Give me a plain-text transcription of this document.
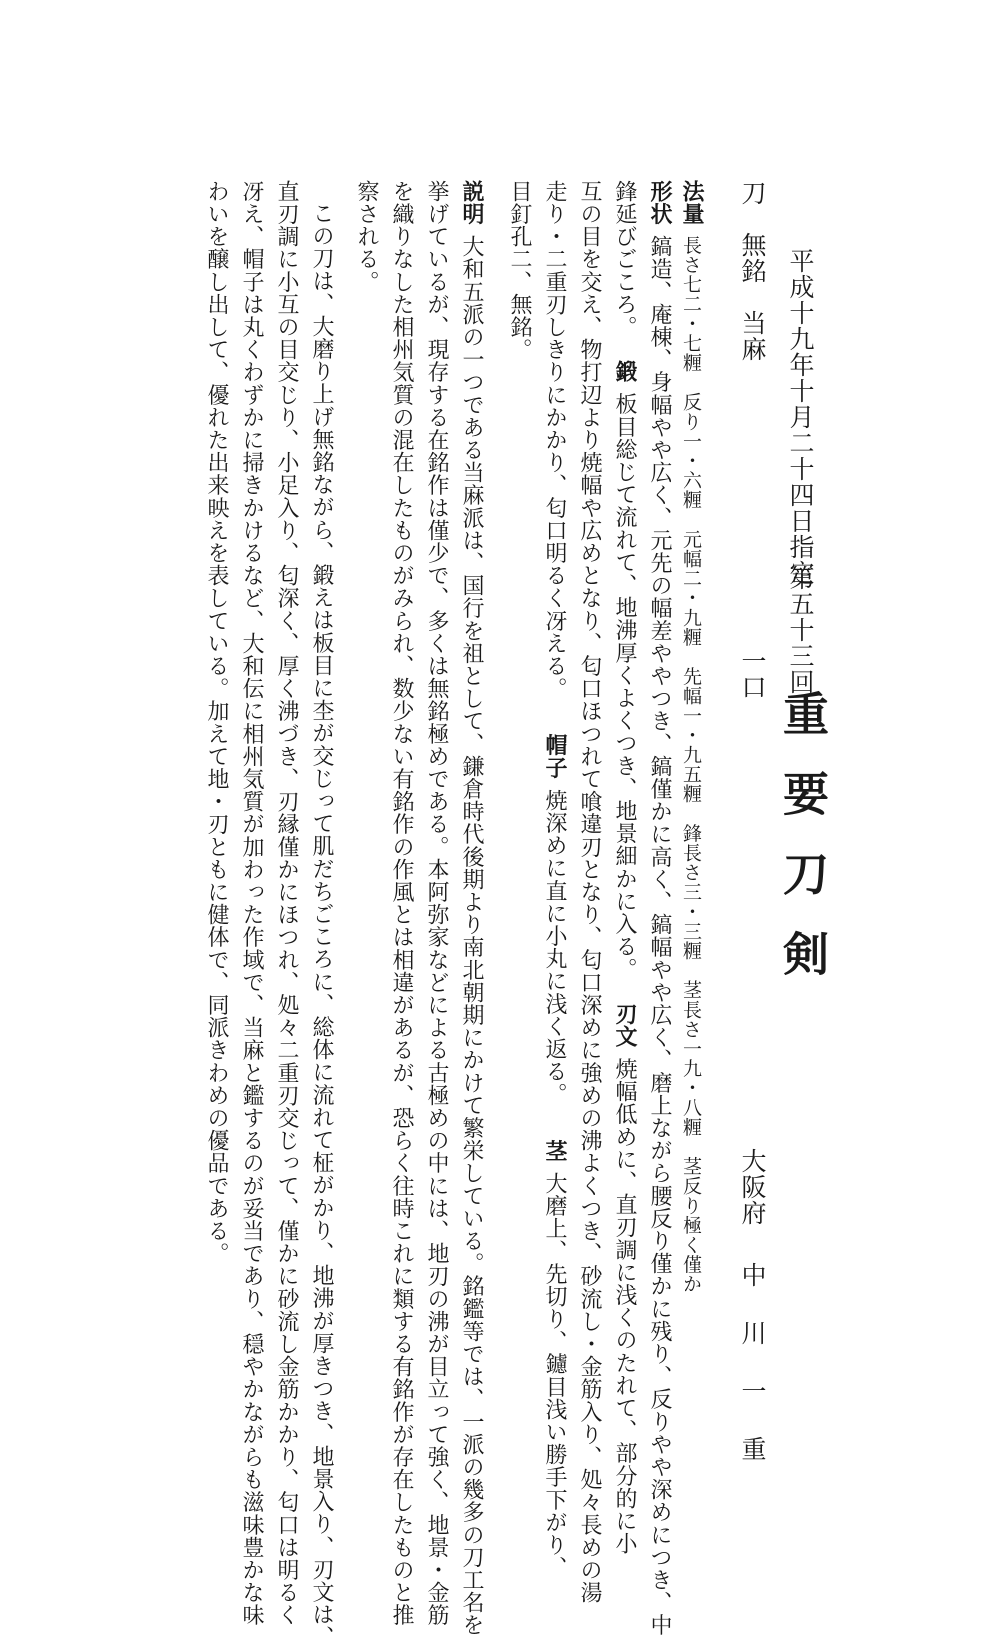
平成十九年十月二十四日指定
第五十三回
重要刀剣
刀　無銘　当麻
一口
大阪府
中　川　一　重
法量長さ七二・七糎　反り一・六糎　元幅二・九糎　先幅一・九五糎　鋒長さ三・三糎　茎長さ一九・八糎　茎反り極く僅か
形状鎬造、庵棟、身幅やや広く、元先の幅差ややつき、鎬僅かに高く、鎬幅やや広く、磨上ながら腰反り僅かに残り、反りやや深めにつき、中
鋒延びごころ。鍛板目総じて流れて、地沸厚くよくつき、地景細かに入る。刃文焼幅低めに、直刃調に浅くのたれて、部分的に小
互の目を交え、物打辺より焼幅や広めとなり、匂口ほつれて喰違刃となり、匂口深めに強めの沸よくつき、砂流し・金筋入り、処々長めの湯
走り・二重刃しきりにかかり、匂口明るく冴える。帽子焼深めに直に小丸に浅く返る。茎大磨上、先切り、鑢目浅い勝手下がり、
目釘孔二、無銘。
説明大和五派の一つである当麻派は、国行を祖として、鎌倉時代後期より南北朝期にかけて繁栄している。銘鑑等では、一派の幾多の刀工名を
挙げているが、現存する在銘作は僅少で、多くは無銘極めである。本阿弥家などによる古極めの中には、地刃の沸が目立って強く、地景・金筋
を織りなした相州気質の混在したものがみられ、数少ない有銘作の作風とは相違があるが、恐らく往時これに類する有銘作が存在したものと推
察される。
この刀は、大磨り上げ無銘ながら、鍛えは板目に杢が交じって肌だちごころに、総体に流れて柾がかり、地沸が厚きつき、地景入り、刃文は、
直刃調に小互の目交じり、小足入り、匂深く、厚く沸づき、刃縁僅かにほつれ、処々二重刃交じって、僅かに砂流し金筋かかり、匂口は明るく
冴え、帽子は丸くわずかに掃きかけるなど、大和伝に相州気質が加わった作域で、当麻と鑑するのが妥当であり、穏やかながらも滋味豊かな味
わいを醸し出して、優れた出来映えを表している。加えて地・刃ともに健体で、同派きわめの優品である。
